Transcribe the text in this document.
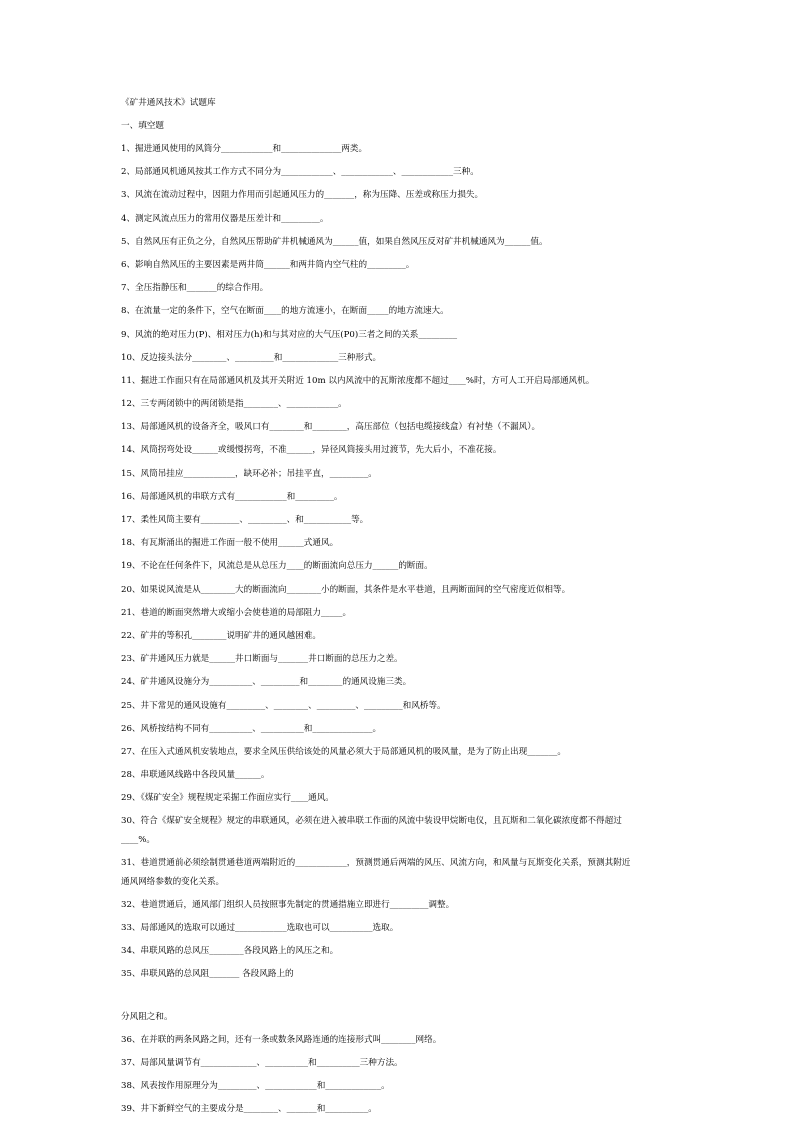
《矿井通风技术》试题库

一、填空题

1、掘进通风使用的风筒分____________和______________两类。

2、局部通风机通风按其工作方式不同分为____________、____________、____________三种。

3、风流在流动过程中，因阻力作用而引起通风压力的_______，称为压降、压差或称压力损失。

4、测定风流点压力的常用仪器是压差计和_________。

5、自然风压有正负之分，自然风压帮助矿井机械通风为______值，如果自然风压反对矿井机械通风为______值。

6、影响自然风压的主要因素是两井筒______和两井筒内空气柱的_________。

7、全压指静压和_______的综合作用。

8、在流量一定的条件下，空气在断面____的地方流速小，在断面_____的地方流速大。

9、风流的绝对压力(P)、相对压力(h)和与其对应的大气压(P0)三者之间的关系_________

10、反边接头法分________、_________和_____________三种形式。

11、掘进工作面只有在局部通风机及其开关附近 10m 以内风流中的瓦斯浓度都不超过____%时，方可人工开启局部通风机。

12、三专两闭锁中的两闭锁是指________、____________。

13、局部通风机的设备齐全，吸风口有________和________，高压部位（包括电缆接线盒）有衬垫（不漏风）。

14、风筒拐弯处设______或缓慢拐弯，不准______，异径风筒接头用过渡节，先大后小，不准花接。

15、风筒吊挂应____________，缺环必补；吊挂平直，_________。

16、局部通风机的串联方式有____________和_________。

17、柔性风筒主要有_________、_________、和___________等。

18、有瓦斯涌出的掘进工作面一般不使用______式通风。

19、不论在任何条件下，风流总是从总压力____的断面流向总压力______的断面。

20、如果说风流是从________大的断面流向________小的断面，其条件是水平巷道，且两断面间的空气密度近似相等。

21、巷道的断面突然增大或缩小会使巷道的局部阻力_____。

22、矿井的等积孔________说明矿井的通风越困难。

23、矿井通风压力就是______井口断面与_______井口断面的总压力之差。

24、矿井通风设施分为__________、_________和________的通风设施三类。

25、井下常见的通风设施有_________、________、_________、_________和风桥等。

26、风桥按结构不同有__________、__________和______________。

27、在压入式通风机安装地点，要求全风压供给该处的风量必须大于局部通风机的吸风量，是为了防止出现_______。

28、串联通风线路中各段风量______。

29、《煤矿安全》规程规定采掘工作面应实行____通风。

30、符合《煤矿安全规程》规定的串联通风，必须在进入被串联工作面的风流中装设甲烷断电仪，且瓦斯和二氧化碳浓度都不得超过
____%。

31、巷道贯通前必须绘制贯通巷道两端附近的____________，预测贯通后两端的风压、风流方向，和风量与瓦斯变化关系，预测其附近
通风网络参数的变化关系。

32、巷道贯通后，通风部门组织人员按照事先制定的贯通措施立即进行_________调整。

33、局部通风的选取可以通过____________选取也可以__________选取。

34、串联风路的总风压________各段风路上的风压之和。

35、串联风路的总风阻_______ 各段风路上的

分风阻之和。

36、在并联的两条风路之间，还有一条或数条风路连通的连接形式叫________网络。

37、局部风量调节有_____________、__________和__________三种方法。

38、风表按作用原理分为_________、____________和_____________。

39、井下新鲜空气的主要成分是________、_______和__________。
